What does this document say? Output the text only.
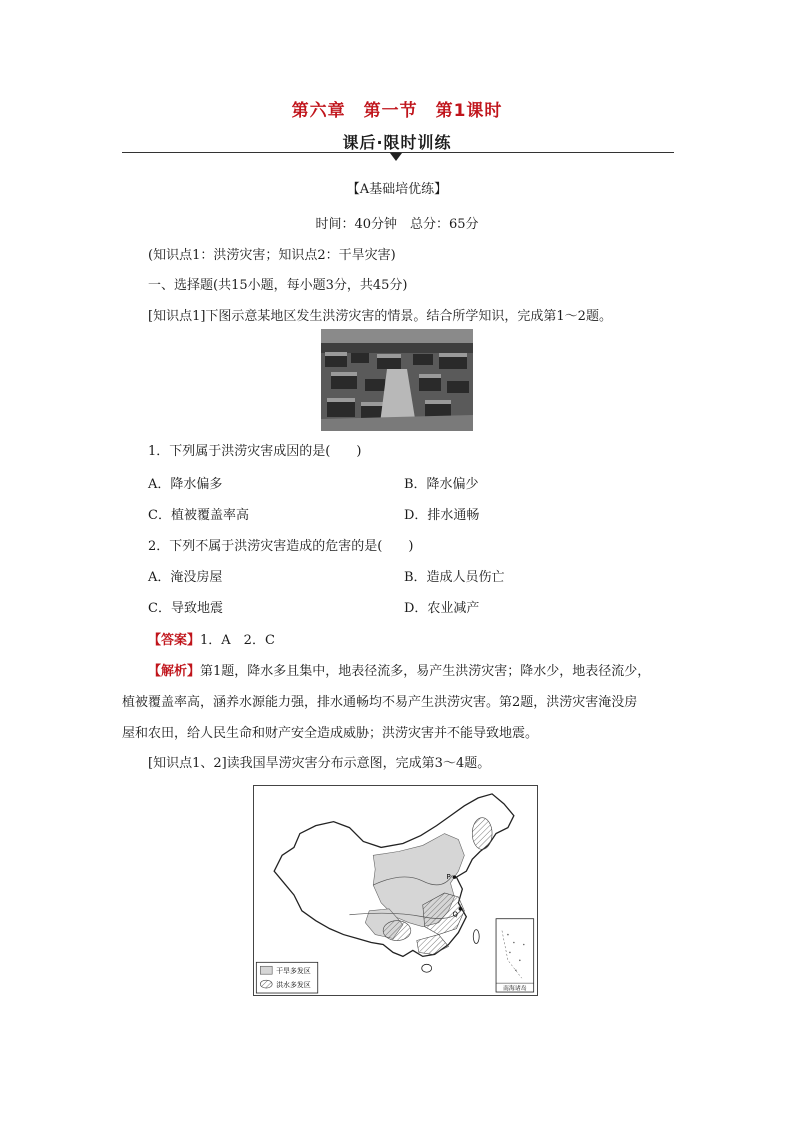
第六章　第一节　第1课时
课后·限时训练
【A基础培优练】
时间：40分钟　总分：65分
(知识点1：洪涝灾害；知识点2：干旱灾害)
一、选择题(共15小题，每小题3分，共45分)
[知识点1]下图示意某地区发生洪涝灾害的情景。结合所学知识，完成第1～2题。
1．下列属于洪涝灾害成因的是(　　)
A．降水偏多	B．降水偏少
C．植被覆盖率高	D．排水通畅
2．下列不属于洪涝灾害造成的危害的是(　　)
A．淹没房屋	B．造成人员伤亡
C．导致地震	D．农业减产
【答案】1．A　2．C
【解析】第1题，降水多且集中，地表径流多，易产生洪涝灾害；降水少，地表径流少，
植被覆盖率高，涵养水源能力强，排水通畅均不易产生洪涝灾害。第2题，洪涝灾害淹没房
屋和农田，给人民生命和财产安全造成威胁；洪涝灾害并不能导致地震。
[知识点1、2]读我国旱涝灾害分布示意图，完成第3～4题。
P
Q
南海诸岛
干旱多发区
洪水多发区
